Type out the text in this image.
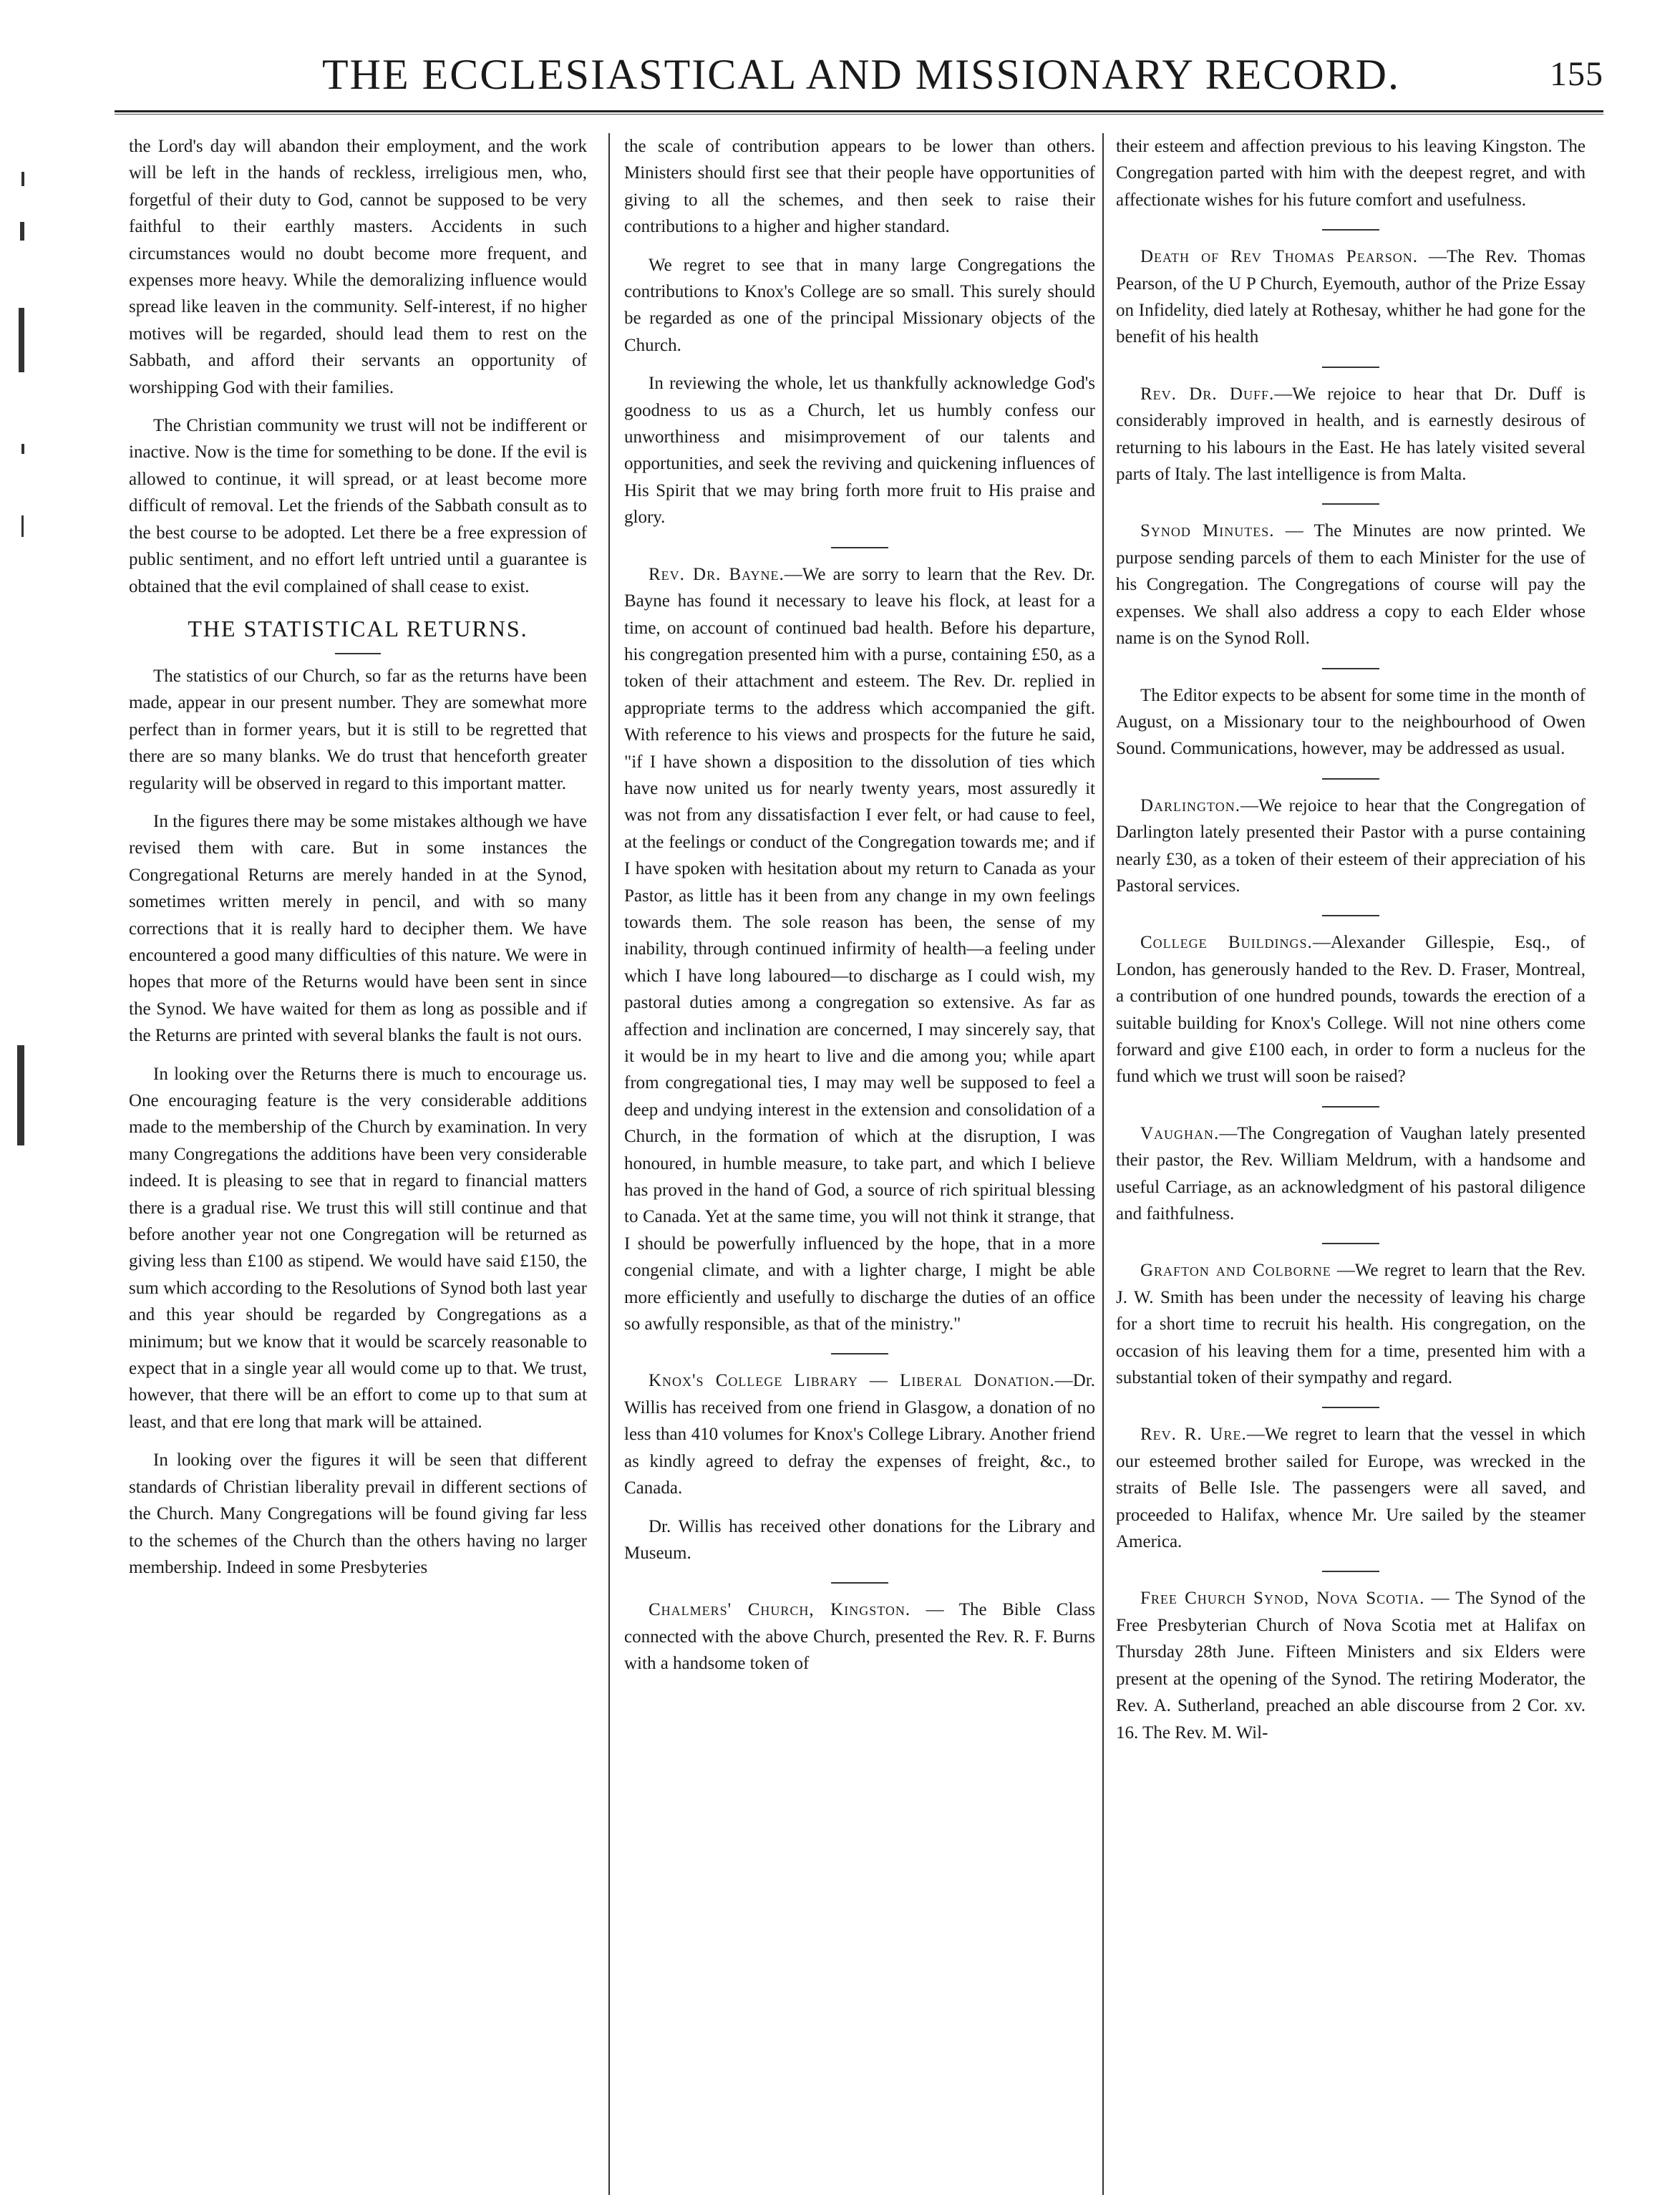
THE ECCLESIASTICAL AND MISSIONARY RECORD.	155

the Lord's day will abandon their employment, and the work will be left in the hands of reckless, irreligious men, who, forgetful of their duty to God, cannot be supposed to be very faithful to their earthly masters. Accidents in such circumstances would no doubt become more frequent, and expenses more heavy. While the demoralizing influence would spread like leaven in the community. Self-interest, if no higher motives will be regarded, should lead them to rest on the Sabbath, and afford their servants an opportunity of worshipping God with their families.

The Christian community we trust will not be indifferent or inactive. Now is the time for something to be done. If the evil is allowed to continue, it will spread, or at least become more difficult of removal. Let the friends of the Sabbath consult as to the best course to be adopted. Let there be a free expression of public sentiment, and no effort left untried until a guarantee is obtained that the evil complained of shall cease to exist.

THE STATISTICAL RETURNS.

The statistics of our Church, so far as the returns have been made, appear in our present number. They are somewhat more perfect than in former years, but it is still to be regretted that there are so many blanks. We do trust that henceforth greater regularity will be observed in regard to this important matter.

In the figures there may be some mistakes although we have revised them with care. But in some instances the Congregational Returns are merely handed in at the Synod, sometimes written merely in pencil, and with so many corrections that it is really hard to decipher them. We have encountered a good many difficulties of this nature. We were in hopes that more of the Returns would have been sent in since the Synod. We have waited for them as long as possible and if the Returns are printed with several blanks the fault is not ours.

In looking over the Returns there is much to encourage us. One encouraging feature is the very considerable additions made to the membership of the Church by examination. In very many Congregations the additions have been very considerable indeed. It is pleasing to see that in regard to financial matters there is a gradual rise. We trust this will still continue and that before another year not one Congregation will be returned as giving less than £100 as stipend. We would have said £150, the sum which according to the Resolutions of Synod both last year and this year should be regarded by Congregations as a minimum; but we know that it would be scarcely reasonable to expect that in a single year all would come up to that. We trust, however, that there will be an effort to come up to that sum at least, and that ere long that mark will be attained.

In looking over the figures it will be seen that different standards of Christian liberality prevail in different sections of the Church. Many Congregations will be found giving far less to the schemes of the Church than the others having no larger membership. Indeed in some Presbyteries

the scale of contribution appears to be lower than others. Ministers should first see that their people have opportunities of giving to all the schemes, and then seek to raise their contributions to a higher and higher standard.

We regret to see that in many large Congregations the contributions to Knox's College are so small. This surely should be regarded as one of the principal Missionary objects of the Church.

In reviewing the whole, let us thankfully acknowledge God's goodness to us as a Church, let us humbly confess our unworthiness and misimprovement of our talents and opportunities, and seek the reviving and quickening influences of His Spirit that we may bring forth more fruit to His praise and glory.

Rev. Dr. Bayne.—We are sorry to learn that the Rev. Dr. Bayne has found it necessary to leave his flock, at least for a time, on account of continued bad health. Before his departure, his congregation presented him with a purse, containing £50, as a token of their attachment and esteem. The Rev. Dr. replied in appropriate terms to the address which accompanied the gift. With reference to his views and prospects for the future he said, "if I have shown a disposition to the dissolution of ties which have now united us for nearly twenty years, most assuredly it was not from any dissatisfaction I ever felt, or had cause to feel, at the feelings or conduct of the Congregation towards me; and if I have spoken with hesitation about my return to Canada as your Pastor, as little has it been from any change in my own feelings towards them. The sole reason has been, the sense of my inability, through continued infirmity of health—a feeling under which I have long laboured—to discharge as I could wish, my pastoral duties among a congregation so extensive. As far as affection and inclination are concerned, I may sincerely say, that it would be in my heart to live and die among you; while apart from congregational ties, I may may well be supposed to feel a deep and undying interest in the extension and consolidation of a Church, in the formation of which at the disruption, I was honoured, in humble measure, to take part, and which I believe has proved in the hand of God, a source of rich spiritual blessing to Canada. Yet at the same time, you will not think it strange, that I should be powerfully influenced by the hope, that in a more congenial climate, and with a lighter charge, I might be able more efficiently and usefully to discharge the duties of an office so awfully responsible, as that of the ministry."

Knox's College Library — Liberal Donation.—Dr. Willis has received from one friend in Glasgow, a donation of no less than 410 volumes for Knox's College Library. Another friend as kindly agreed to defray the expenses of freight, &c., to Canada.

Dr. Willis has received other donations for the Library and Museum.

Chalmers' Church, Kingston. — The Bible Class connected with the above Church, presented the Rev. R. F. Burns with a handsome token of

their esteem and affection previous to his leaving Kingston. The Congregation parted with him with the deepest regret, and with affectionate wishes for his future comfort and usefulness.

Death of Rev Thomas Pearson. —The Rev. Thomas Pearson, of the U P Church, Eyemouth, author of the Prize Essay on Infidelity, died lately at Rothesay, whither he had gone for the benefit of his health

Rev. Dr. Duff.—We rejoice to hear that Dr. Duff is considerably improved in health, and is earnestly desirous of returning to his labours in the East. He has lately visited several parts of Italy. The last intelligence is from Malta.

Synod Minutes. — The Minutes are now printed. We purpose sending parcels of them to each Minister for the use of his Congregation. The Congregations of course will pay the expenses. We shall also address a copy to each Elder whose name is on the Synod Roll.

The Editor expects to be absent for some time in the month of August, on a Missionary tour to the neighbourhood of Owen Sound. Communications, however, may be addressed as usual.

Darlington.—We rejoice to hear that the Congregation of Darlington lately presented their Pastor with a purse containing nearly £30, as a token of their esteem of their appreciation of his Pastoral services.

College Buildings.—Alexander Gillespie, Esq., of London, has generously handed to the Rev. D. Fraser, Montreal, a contribution of one hundred pounds, towards the erection of a suitable building for Knox's College. Will not nine others come forward and give £100 each, in order to form a nucleus for the fund which we trust will soon be raised?

Vaughan.—The Congregation of Vaughan lately presented their pastor, the Rev. William Meldrum, with a handsome and useful Carriage, as an acknowledgment of his pastoral diligence and faithfulness.

Grafton and Colborne —We regret to learn that the Rev. J. W. Smith has been under the necessity of leaving his charge for a short time to recruit his health. His congregation, on the occasion of his leaving them for a time, presented him with a substantial token of their sympathy and regard.

Rev. R. Ure.—We regret to learn that the vessel in which our esteemed brother sailed for Europe, was wrecked in the straits of Belle Isle. The passengers were all saved, and proceeded to Halifax, whence Mr. Ure sailed by the steamer America.

Free Church Synod, Nova Scotia. — The Synod of the Free Presbyterian Church of Nova Scotia met at Halifax on Thursday 28th June. Fifteen Ministers and six Elders were present at the opening of the Synod. The retiring Moderator, the Rev. A. Sutherland, preached an able discourse from 2 Cor. xv. 16. The Rev. M. Wil-
